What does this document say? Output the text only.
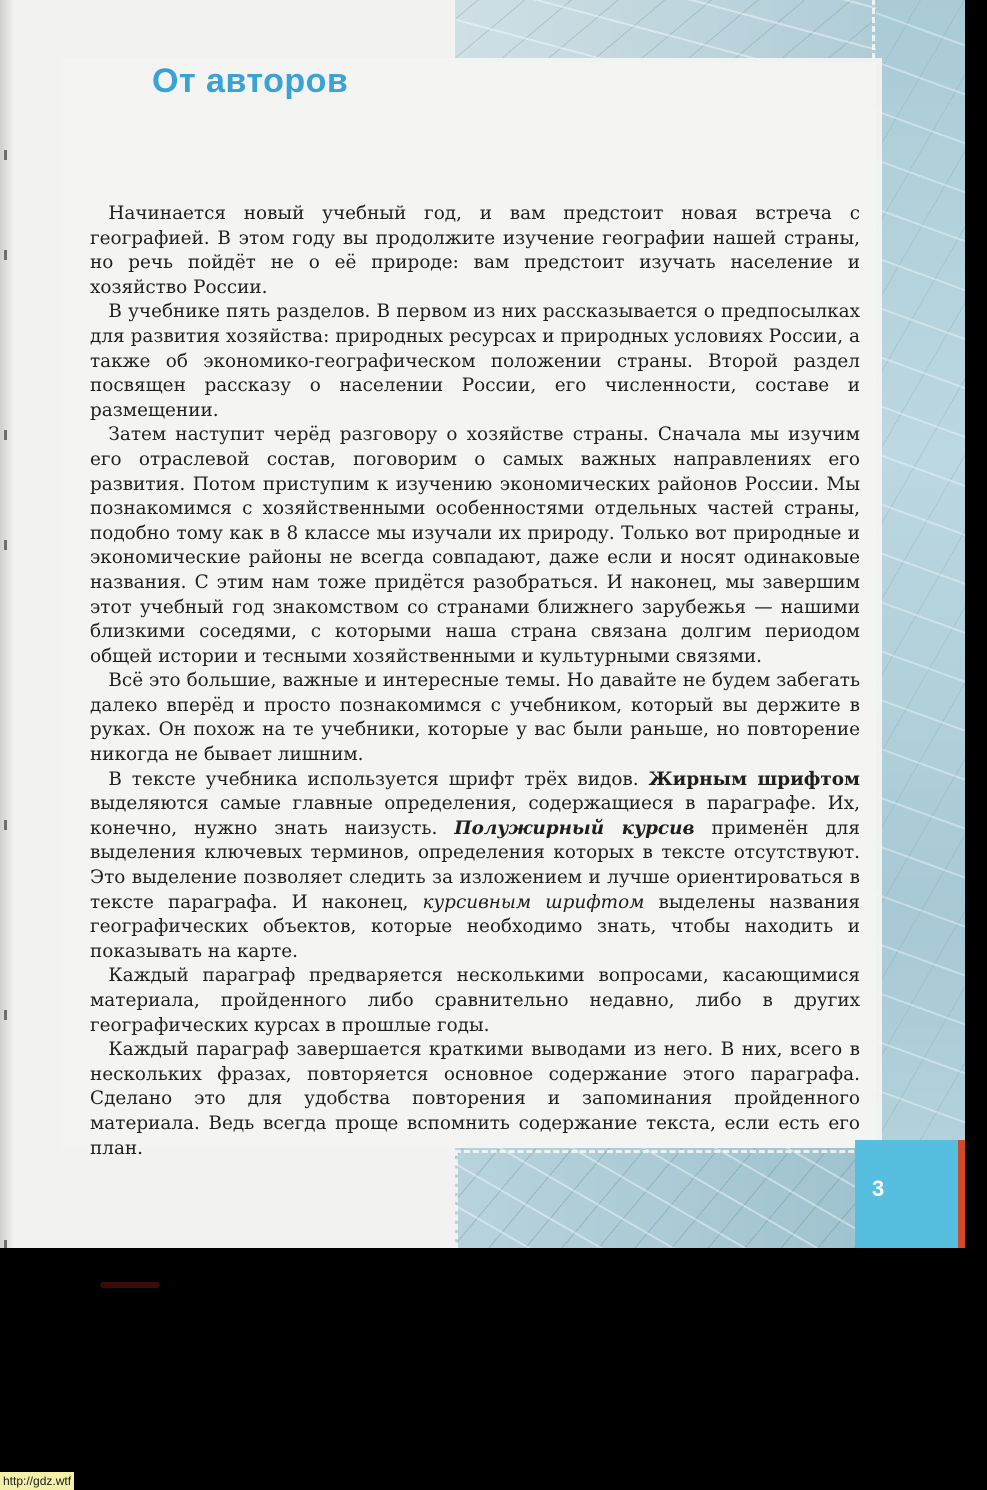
От авторов

 Начинается новый учебный год, и вам предстоит новая встреча с географией. В этом году вы продолжите изучение географии нашей страны, но речь пойдёт не о её природе: вам предстоит изучать население и хозяйство России.

 В учебнике пять разделов. В первом из них рассказывается о предпосылках для развития хозяйства: природных ресурсах и природных условиях России, а также об экономико-географическом положении страны. Второй раздел посвящен рассказу о населении России, его численности, составе и размещении.

 Затем наступит черёд разговору о хозяйстве страны. Сначала мы изучим его отраслевой состав, поговорим о самых важных направлениях его развития. Потом приступим к изучению экономических районов России. Мы познакомимся с хозяйственными особенностями отдельных частей страны, подобно тому как в 8 классе мы изучали их природу. Только вот природные и экономические районы не всегда совпадают, даже если и носят одинаковые названия. С этим нам тоже придётся разобраться. И наконец, мы завершим этот учебный год знакомством со странами ближнего зарубежья — нашими близкими соседями, с которыми наша страна связана долгим периодом общей истории и тесными хозяйственными и культурными связями.

 Всё это большие, важные и интересные темы. Но давайте не будем забегать далеко вперёд и просто познакомимся с учебником, который вы держите в руках. Он похож на те учебники, которые у вас были раньше, но повторение никогда не бывает лишним.

 В тексте учебника используется шрифт трёх видов. Жирным шрифтом выделяются самые главные определения, содержащиеся в параграфе. Их, конечно, нужно знать наизусть. Полужирный курсив применён для выделения ключевых терминов, определения которых в тексте отсутствуют. Это выделение позволяет следить за изложением и лучше ориентироваться в тексте параграфа. И наконец, курсивным шрифтом выделены названия географических объектов, которые необходимо знать, чтобы находить и показывать на карте.

 Каждый параграф предваряется несколькими вопросами, касающимися материала, пройденного либо сравнительно недавно, либо в других географических курсах в прошлые годы.

 Каждый параграф завершается краткими выводами из него. В них, всего в нескольких фразах, повторяется основное содержание этого параграфа. Сделано это для удобства повторения и запоминания пройденного материала. Ведь всегда проще вспомнить содержание текста, если есть его план.

3
http://gdz.wtf
